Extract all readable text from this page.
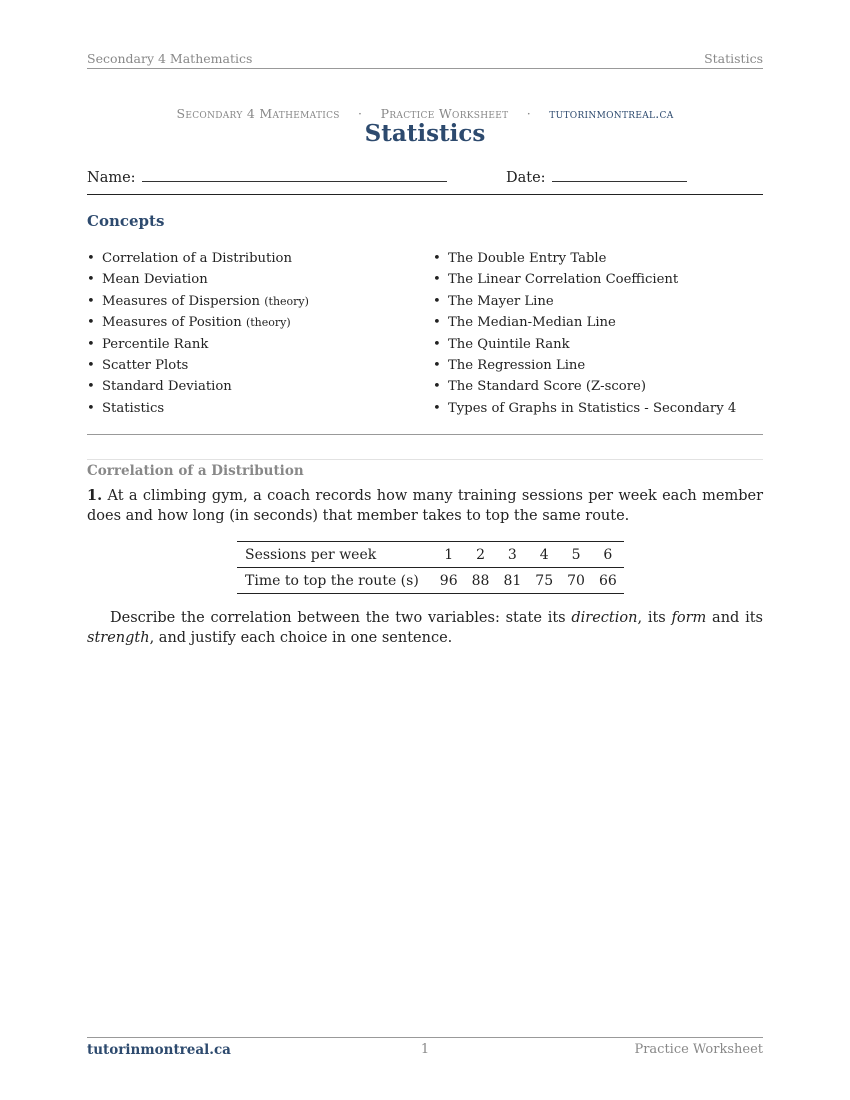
Secondary 4 Mathematics	Statistics
Secondary 4 Mathematics · Practice Worksheet · tutorinmontreal.ca
Statistics
Name:	Date:
Concepts
• Correlation of a Distribution
• Mean Deviation
• Measures of Dispersion (theory)
• Measures of Position (theory)
• Percentile Rank
• Scatter Plots
• Standard Deviation
• Statistics
• The Double Entry Table
• The Linear Correlation Coefficient
• The Mayer Line
• The Median-Median Line
• The Quintile Rank
• The Regression Line
• The Standard Score (Z-score)
• Types of Graphs in Statistics - Secondary 4
Correlation of a Distribution
1. At a climbing gym, a coach records how many training sessions per week each member does and how long (in seconds) that member takes to top the same route.
Sessions per week	1	2	3	4	5	6
Time to top the route (s)	96	88	81	75	70	66
Describe the correlation between the two variables: state its direction, its form and its strength, and justify each choice in one sentence.
tutorinmontreal.ca	1	Practice Worksheet
